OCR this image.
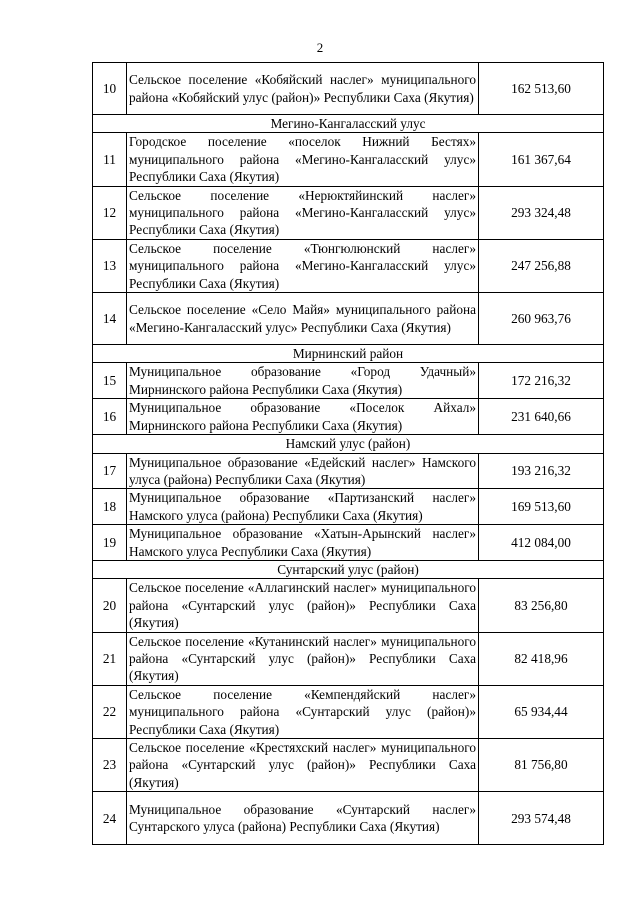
2
10	Сельское поселение «Кобяйский наслег» муниципального района «Кобяйский улус (район)» Республики Саха (Якутия)	162 513,60
Мегино-Кангаласский улус		
11	Городское поселение «поселок Нижний Бестях» муниципального района «Мегино-Кангаласский улус» Республики Саха (Якутия)	161 367,64
12	Сельское поселение «Нерюктяйинский наслег» муниципального района «Мегино-Кангаласский улус» Республики Саха (Якутия)	293 324,48
13	Сельское поселение «Тюнгюлюнский наслег» муниципального района «Мегино-Кангаласский улус» Республики Саха (Якутия)	247 256,88
14	Сельское поселение «Село Майя» муниципального района «Мегино-Кангаласский улус» Республики Саха (Якутия)	260 963,76
Мирнинский район		
15	Муниципальное образование «Город Удачный» Мирнинского района Республики Саха (Якутия)	172 216,32
16	Муниципальное образование «Поселок Айхал» Мирнинского района Республики Саха (Якутия)	231 640,66
Намский улус (район)		
17	Муниципальное образование «Едейский наслег» Намского улуса (района) Республики Саха (Якутия)	193 216,32
18	Муниципальное образование «Партизанский наслег» Намского улуса (района) Республики Саха (Якутия)	169 513,60
19	Муниципальное образование «Хатын-Арынский наслег» Намского улуса Республики Саха (Якутия)	412 084,00
Сунтарский улус (район)		
20	Сельское поселение «Аллагинский наслег» муниципального района «Сунтарский улус (район)» Республики Саха (Якутия)	83 256,80
21	Сельское поселение «Кутанинский наслег» муниципального района «Сунтарский улус (район)» Республики Саха (Якутия)	82 418,96
22	Сельское поселение «Кемпендяйский наслег» муниципального района «Сунтарский улус (район)» Республики Саха (Якутия)	65 934,44
23	Сельское поселение «Крестяхский наслег» муниципального района «Сунтарский улус (район)» Республики Саха (Якутия)	81 756,80
24	Муниципальное образование «Сунтарский наслег» Сунтарского улуса (района) Республики Саха (Якутия)	293 574,48
